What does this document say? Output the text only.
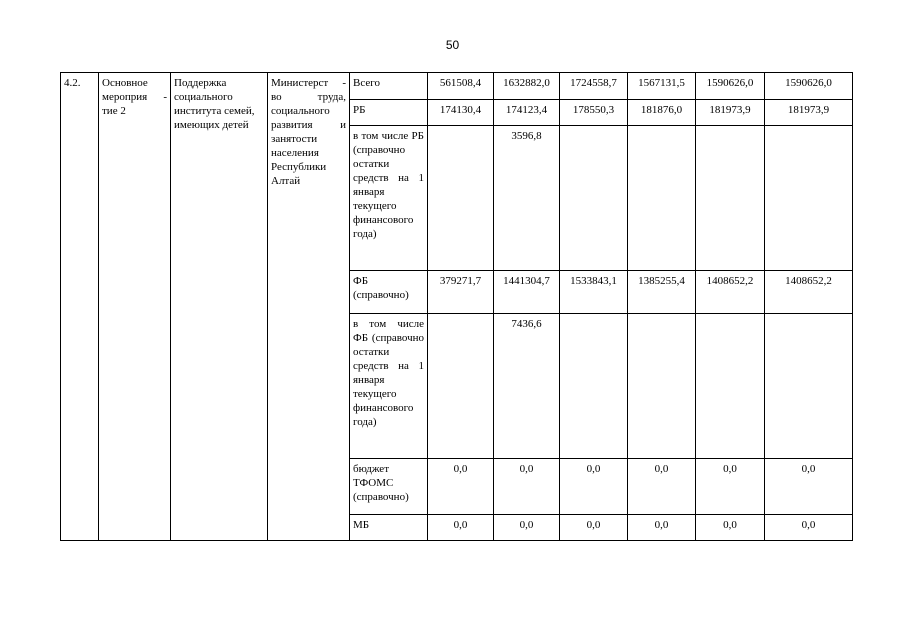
50
4.2.	Основное мероприя - тие 2	Поддержка социального института семей, имеющих детей	Министерст - во труда, социального развития и занятости населения Республики Алтай	Всего	561508,4	1632882,0	1724558,7	1567131,5	1590626,0	1590626,0
				РБ	174130,4	174123,4	178550,3	181876,0	181973,9	181973,9
				в том числе РБ (справочно остатки средств на 1 января текущего финансового года)		3596,8				
				ФБ (справочно)	379271,7	1441304,7	1533843,1	1385255,4	1408652,2	1408652,2
				в том числе ФБ (справочно остатки средств на 1 января текущего финансового года)		7436,6				
				бюджет ТФОМС (справочно)	0,0	0,0	0,0	0,0	0,0	0,0
				МБ	0,0	0,0	0,0	0,0	0,0	0,0
